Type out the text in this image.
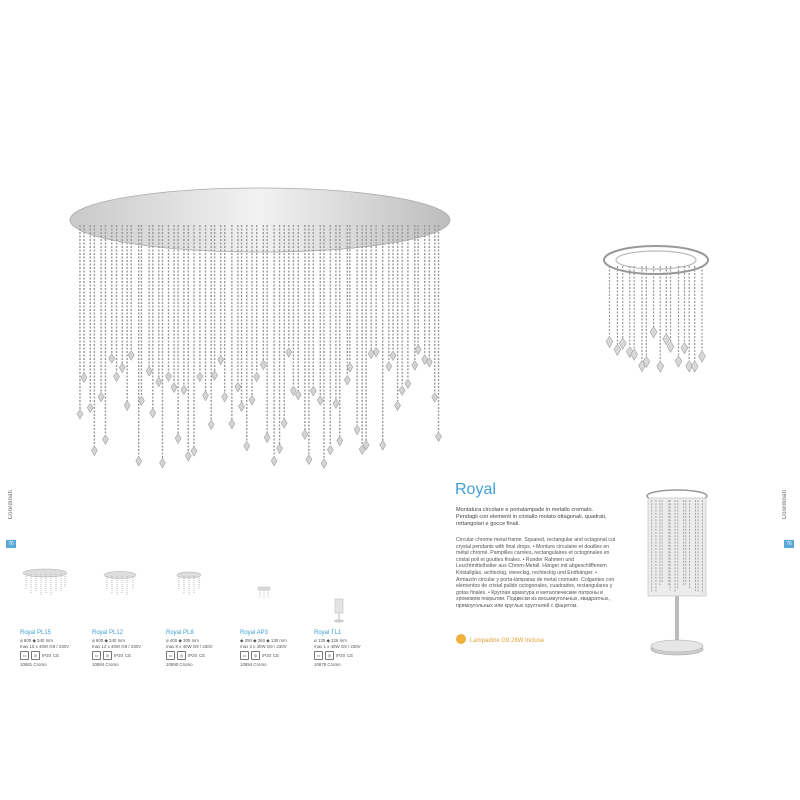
Coordinati
76
Coordinati
76
Royal
Montatura circolare e portalampade in metallo cromato. Pendagli con elementi in cristallo molato ottagonali, quadrati, rettangolari e gocce finali.
Circular chrome metal frame. Squared, rectangular and octagonal cut crystal pendants with final drops. • Monture circulaire et douilles en métal chromé. Pampilles carrées, rectangulaires et octogonales en cristal poli et gouttes finales. • Runder Rahmen und Leuchtmittelhalter aus Chrom-Metall. Hänger mit abgeschliffenem Kristallglas, achteckig, viereckig, rechteckig und Endhänger. • Armazón circular y porta-lámparas de metal cromado. Colgantes con elementos de cristal pulido octogonales, cuadrados, rectangulares y gotas finales. • Круглая арматура и металлические патроны в хромовом покрытии. Подвески из восьмиугольных, квадратных, прямоугольных или круглых хрусталей с фацетом.
Lampadine G9 28W Incluse
Royal PL15
ø 800 ◆ 340 mm
max 15 x 40W G9 / 230V
▭	◎	IP20 CE
10881 Cromo
Royal PL12
ø 600 ◆ 340 mm
max 12 x 40W G9 / 230V
▭	◎	IP20 CE
10884 Cromo
Royal PL8
ø 400 ◆ 305 mm
max 8 x 40W G9 / 230V
▭	◎	IP20 CE
10890 Cromo
Royal AP3
◆ 250 ◆ 260 ◆ 130 mm
max 3 x 40W G9 / 230V
▭	◎	IP20 CE
10894 Cromo
Royal TL1
ø 130 ◆ 326 mm
max 1 x 40W G9 / 230V
▭	◎	IP20 CE
10878 Cromo
